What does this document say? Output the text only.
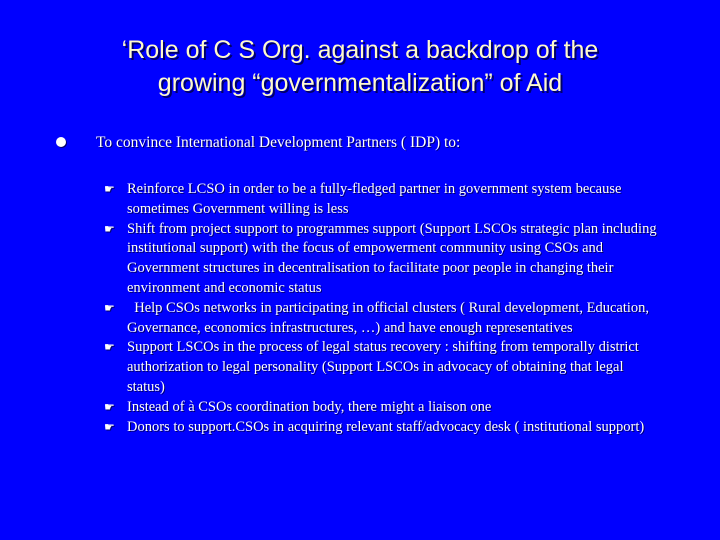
‘Role of C S Org. against a backdrop of the
growing “governmentalization” of Aid
To convince International Development Partners ( IDP) to:
☛ Reinforce LCSO in order to be a fully-fledged partner in government system because sometimes Government willing is less
☛ Shift from project support to programmes support (Support LSCOs strategic plan including institutional support) with the focus of empowerment community using CSOs and Government structures in decentralisation to facilitate poor people in changing their environment and economic status
☛ Help CSOs networks in participating in official clusters ( Rural development, Education, Governance, economics infrastructures, …) and have enough representatives
☛ Support LSCOs in the process of legal status recovery : shifting from temporally district authorization to legal personality (Support LSCOs in advocacy of obtaining that legal status)
☛ Instead of à CSOs coordination body, there might a liaison one
☛ Donors to support.CSOs in acquiring relevant staff/advocacy desk ( institutional support)
